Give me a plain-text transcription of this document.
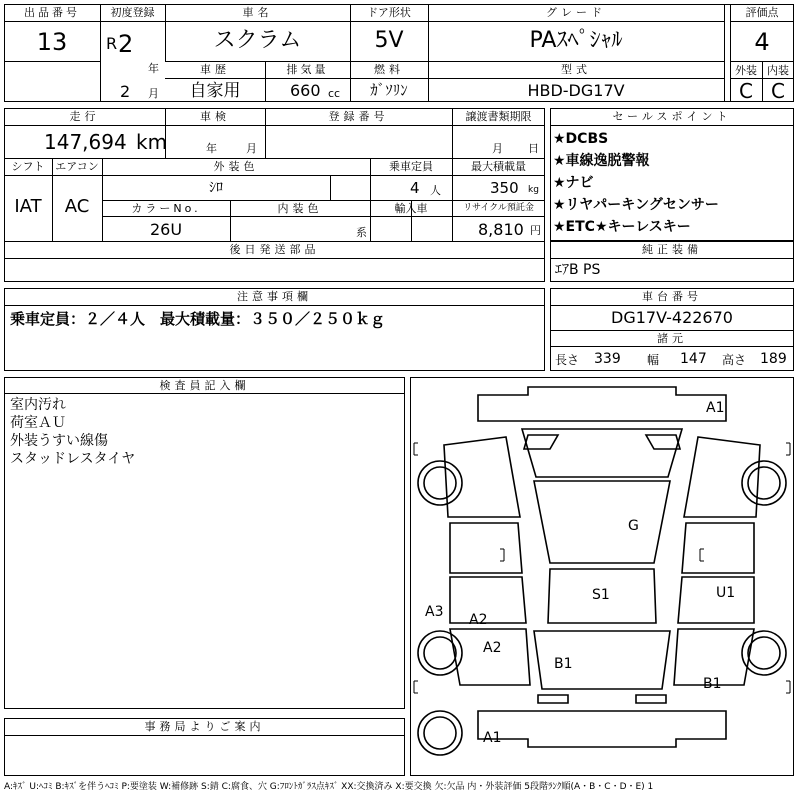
出品番号
13
初度登録
R 2
年
2 月
車名
スクラム
ドア形状
5V
グレード
PAｽﾍﾟｼｬﾙ
評価点
4
車歴
自家用
排気量
660 cc
燃料
ｶﾞｿﾘﾝ
型式
HBD-DG17V
外装 内装
C C
走行
147,694 km
車検
年	月
登録番号	譲渡書類期限
月 日
シフト
IAT
エアコン
AC
外装色
ｼﾛ
乗車定員
4 人
最大積載量
350 kg
カラーNo.
26U
内装色
系
輸入車	リサイクル預託金
8,810 円
後日発送部品
セールスポイント
★DCBS
★車線逸脱警報
★ナビ
★リヤパーキングセンサー
★ETC★キーレスキー
純正装備
ｴｱB PS
注意事項欄
乗車定員：２／４人　最大積載量：３５０／２５０ｋｇ
車台番号
DG17V-422670
諸元
長さ 339 幅 147 高さ 189
検査員記入欄
室内汚れ
荷室ＡＵ
外装うすい線傷
スタッドレスタイヤ
事務局よりご案内
A1
G
S1	U1
A3 A2
A2
B1
B1
A1
A:ｷｽﾞ U:ﾍｺﾐ B:ｷｽﾞを伴うﾍｺﾐ P:要塗装 W:補修跡 S:錆 C:腐食、穴 G:ﾌﾛﾝﾄｶﾞﾗｽ点ｷｽﾞ XX:交換済み X:要交換 欠:欠品 内・外装評価 5段階ﾗﾝｸ順(A・B・C・D・E) 1
